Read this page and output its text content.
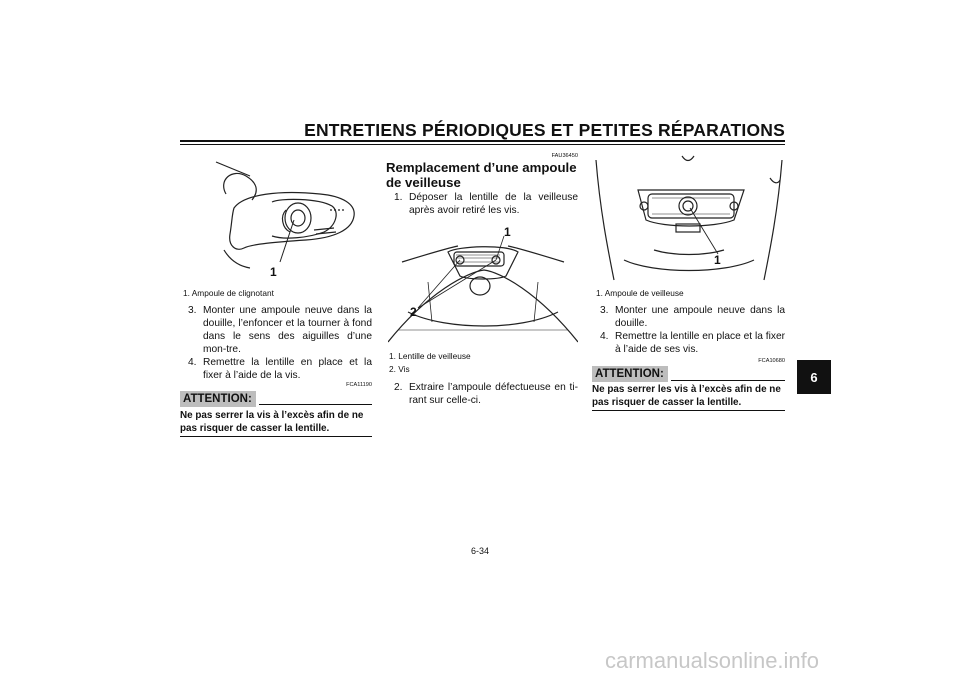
ENTRETIENS PÉRIODIQUES ET PETITES RÉPARATIONS
6
1
1. Ampoule de clignotant
3. Monter une ampoule neuve dans la douille, l’enfoncer et la tourner à fond dans le sens des aiguilles d’une mon-tre.
4. Remettre la lentille en place et la fixer à l’aide de la vis.
FCA11190
ATTENTION:
Ne pas serrer la vis à l’excès afin de ne pas risquer de casser la lentille.
FAU36450
Remplacement d’une ampoule de veilleuse
1. Déposer la lentille de la veilleuse après avoir retiré les vis.
1
2
1. Lentille de veilleuse
2. Vis
2. Extraire l’ampoule défectueuse en ti-rant sur celle-ci.
1
1. Ampoule de veilleuse
3. Monter une ampoule neuve dans la douille.
4. Remettre la lentille en place et la fixer à l’aide de ses vis.
FCA10680
ATTENTION:
Ne pas serrer les vis à l’excès afin de ne pas risquer de casser la lentille.
6-34
carmanualsonline.info
